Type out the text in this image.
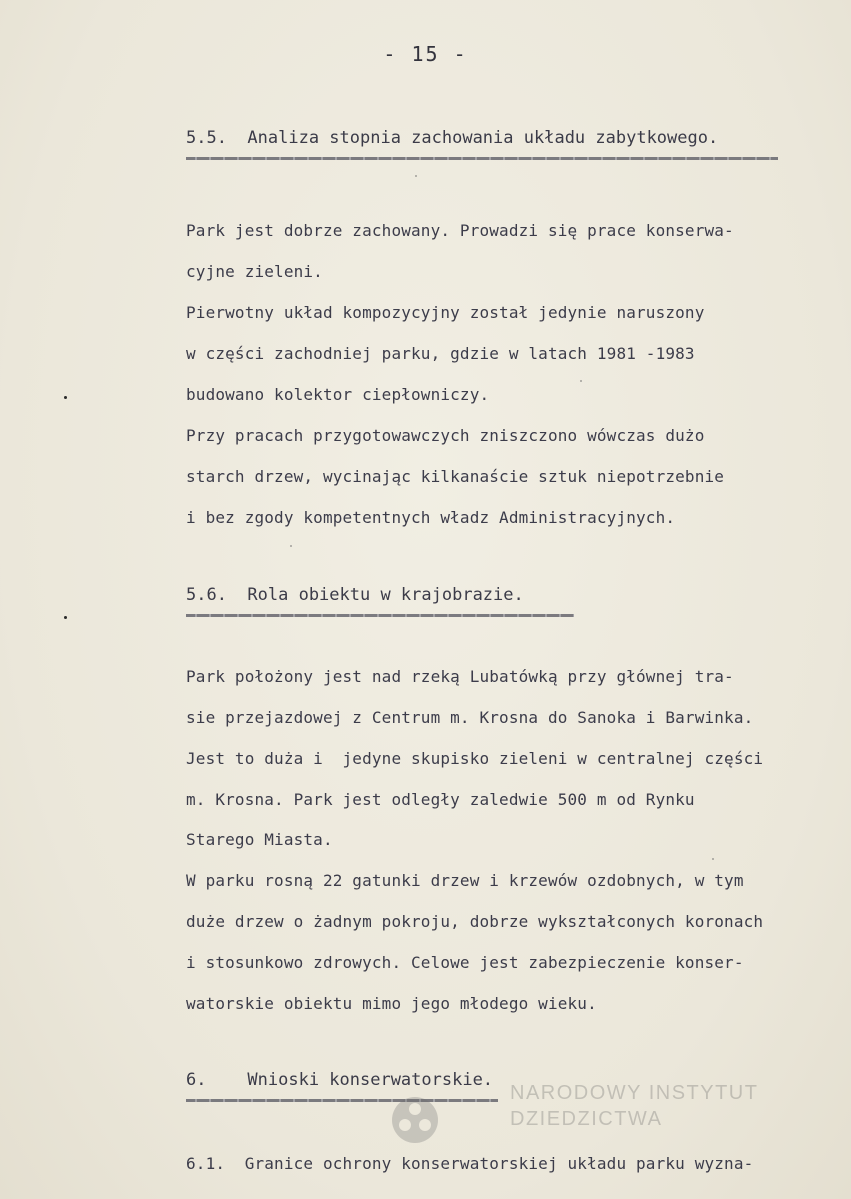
- 15 -
5.5.  Analiza stopnia zachowania układu zabytkowego.
Park jest dobrze zachowany. Prowadzi się prace konserwa-
cyjne zieleni.
Pierwotny układ kompozycyjny został jedynie naruszony
w części zachodniej parku, gdzie w latach 1981 -1983
budowano kolektor ciepłowniczy.
Przy pracach przygotowawczych zniszczono wówczas dużo
starch drzew, wycinając kilkanaście sztuk niepotrzebnie
i bez zgody kompetentnych władz Administracyjnych.
5.6.  Rola obiektu w krajobrazie.
Park położony jest nad rzeką Lubatówką przy głównej tra-
sie przejazdowej z Centrum m. Krosna do Sanoka i Barwinka.
Jest to duża i  jedyne skupisko zieleni w centralnej części
m. Krosna. Park jest odległy zaledwie 500 m od Rynku
Starego Miasta.
W parku rosną 22 gatunki drzew i krzewów ozdobnych, w tym
duże drzew o żadnym pokroju, dobrze wykształconych koronach
i stosunkowo zdrowych. Celowe jest zabezpieczenie konser-
watorskie obiektu mimo jego młodego wieku.
6.    Wnioski konserwatorskie.
6.1.  Granice ochrony konserwatorskiej układu parku wyzna-
NARODOWY INSTYTUT
DZIEDZICTWA
